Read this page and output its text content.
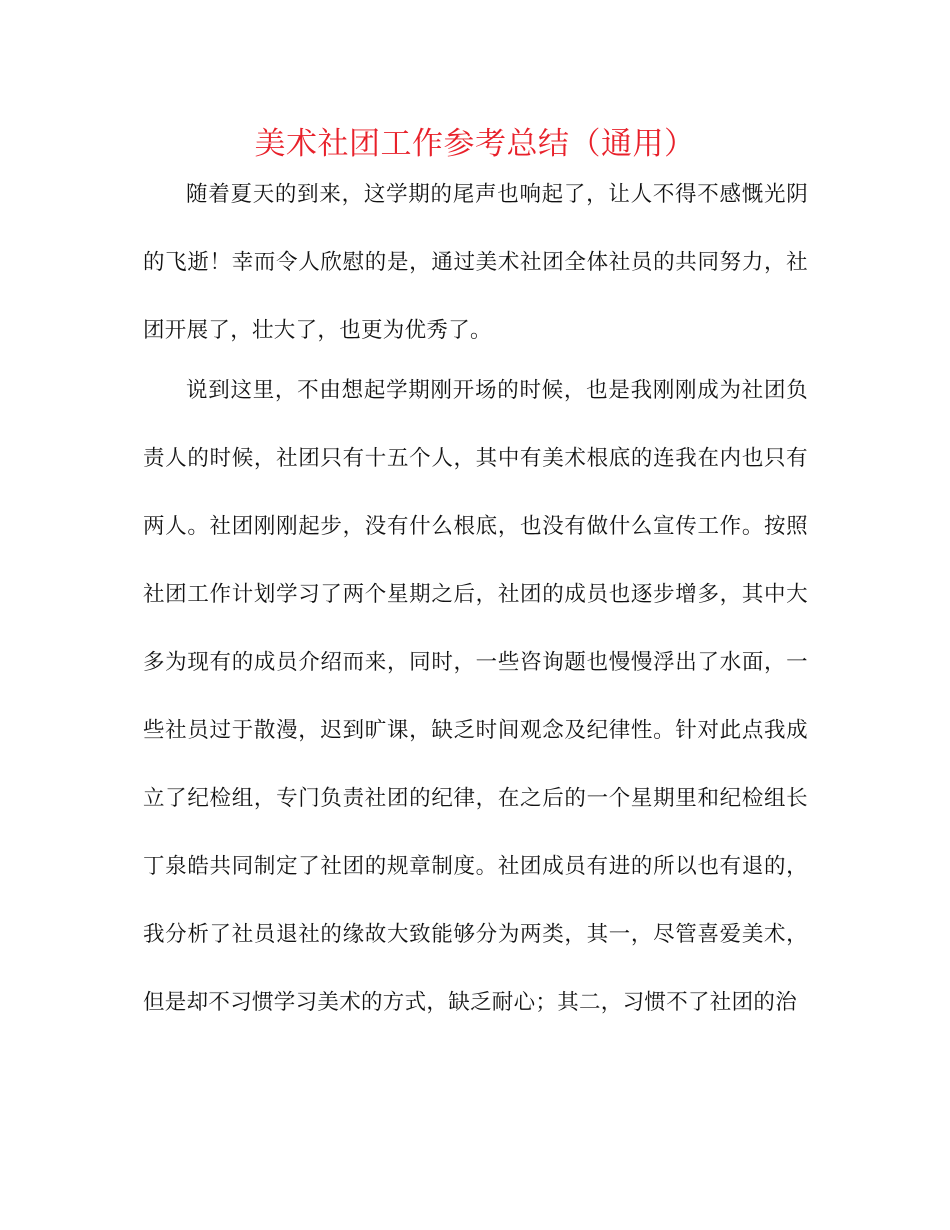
美术社团工作参考总结（通用）

随着夏天的到来，这学期的尾声也响起了，让人不得不感慨光阴的飞逝！幸而令人欣慰的是，通过美术社团全体社员的共同努力，社团开展了，壮大了，也更为优秀了。

说到这里，不由想起学期刚开场的时候，也是我刚刚成为社团负责人的时候，社团只有十五个人，其中有美术根底的连我在内也只有两人。社团刚刚起步，没有什么根底，也没有做什么宣传工作。按照社团工作计划学习了两个星期之后，社团的成员也逐步增多，其中大多为现有的成员介绍而来，同时，一些咨询题也慢慢浮出了水面，一些社员过于散漫，迟到旷课，缺乏时间观念及纪律性。针对此点我成立了纪检组，专门负责社团的纪律，在之后的一个星期里和纪检组长丁泉皓共同制定了社团的规章制度。社团成员有进的所以也有退的，我分析了社员退社的缘故大致能够分为两类，其一，尽管喜爱美术，但是却不习惯学习美术的方式，缺乏耐心；其二，习惯不了社团的治
